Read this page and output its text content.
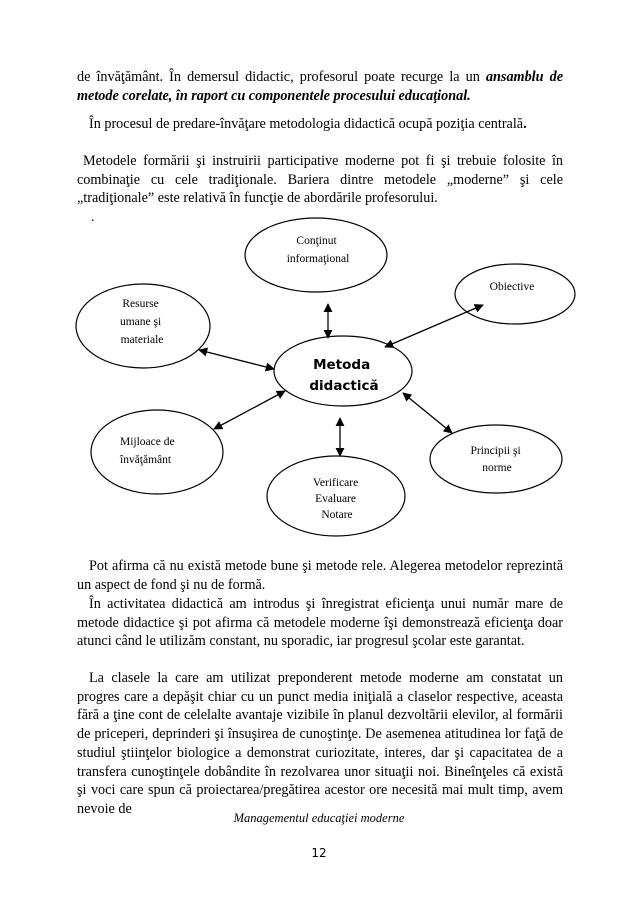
de învăţământ. În demersul didactic, profesorul poate recurge la un ansamblu de metode corelate, în raport cu componentele procesului educaţional.

În procesul de predare-învăţare metodologia didactică ocupă poziţia centrală.

Metodele formării şi instruirii participative moderne pot fi şi trebuie folosite în combinaţie cu cele tradiţionale. Bariera dintre metodele „moderne” şi cele „tradiţionale” este relativă în funcţie de abordările profesorului.

.
Conţinut informaţional
Obiective
Resurse umane şi materiale
Mijloace de învăţământ
Verificare Evaluare Notare
Principii şi norme
Metoda didactică

Pot afirma că nu există metode bune şi metode rele. Alegerea metodelor reprezintă un aspect de fond şi nu de formă.

În activitatea didactică am introdus şi înregistrat eficienţa unui număr mare de metode didactice şi pot afirma că metodele moderne îşi demonstrează eficienţa doar atunci când le utilizăm constant, nu sporadic, iar progresul şcolar este garantat.

La clasele la care am utilizat preponderent metode moderne am constatat un progres care a depăşit chiar cu un punct media iniţială a claselor respective, aceasta fără a ţine cont de celelalte avantaje vizibile în planul dezvoltării elevilor, al formării de priceperi, deprinderi şi însuşirea de cunoştinţe. De asemenea atitudinea lor faţă de studiul ştiinţelor biologice a demonstrat curiozitate, interes, dar şi capacitatea de a transfera cunoştinţele dobândite în rezolvarea unor situaţii noi. Bineînţeles că există şi voci care spun că proiectarea/pregătirea acestor ore necesită mai mult timp, avem nevoie de

Managementul educaţiei moderne
12
